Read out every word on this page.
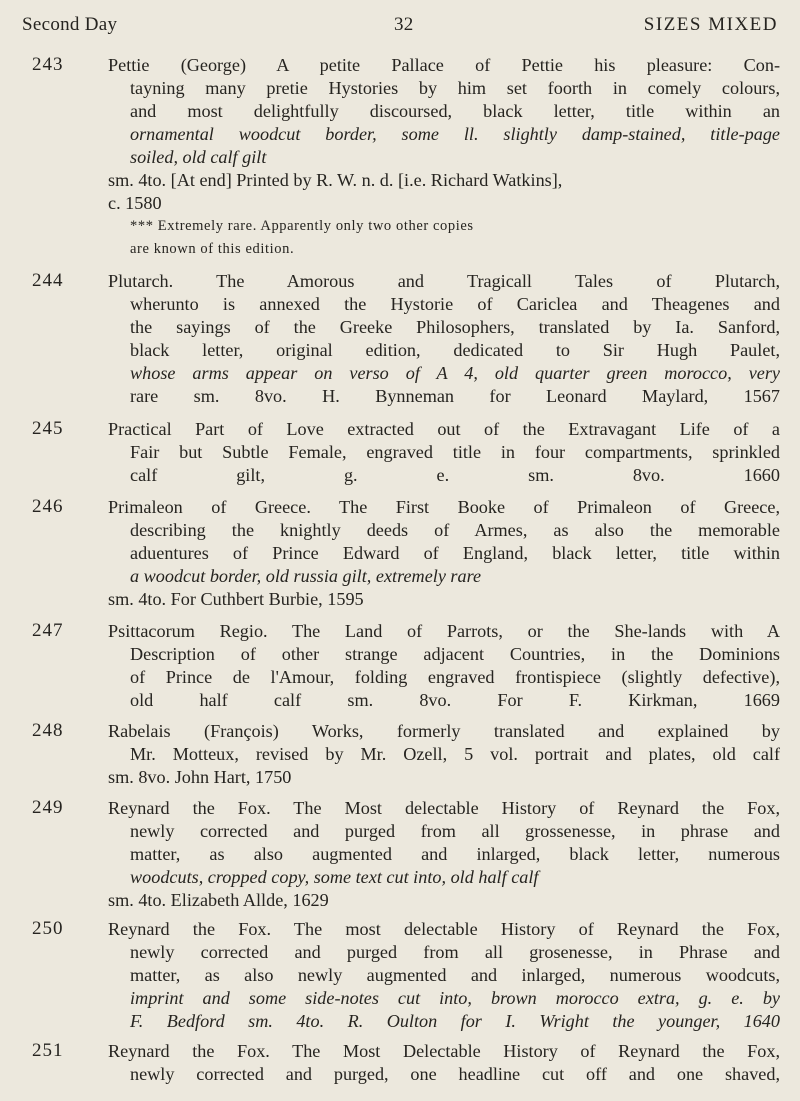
Second Day	32	SIZES MIXED
243 Pettie (George) A petite Pallace of Pettie his pleasure: Con-
tayning many pretie Hystories by him set foorth in comely colours,
and most delightfully discoursed, black letter, title within an
ornamental woodcut border, some ll. slightly damp-stained, title-page
soiled, old calf gilt
sm. 4to. [At end] Printed by R. W. n. d. [i.e. Richard Watkins],
c. 1580
*** Extremely rare. Apparently only two other copies
are known of this edition.
244 Plutarch. The Amorous and Tragicall Tales of Plutarch,
wherunto is annexed the Hystorie of Cariclea and Theagenes and
the sayings of the Greeke Philosophers, translated by Ia. Sanford,
black letter, original edition, dedicated to Sir Hugh Paulet,
whose arms appear on verso of A 4, old quarter green morocco, very
rare sm. 8vo. H. Bynneman for Leonard Maylard, 1567
245 Practical Part of Love extracted out of the Extravagant Life of a
Fair but Subtle Female, engraved title in four compartments, sprinkled
calf gilt, g. e. sm. 8vo. 1660
246 Primaleon of Greece. The First Booke of Primaleon of Greece,
describing the knightly deeds of Armes, as also the memorable
aduentures of Prince Edward of England, black letter, title within
a woodcut border, old russia gilt, extremely rare
sm. 4to. For Cuthbert Burbie, 1595
247 Psittacorum Regio. The Land of Parrots, or the She-lands with A
Description of other strange adjacent Countries, in the Dominions
of Prince de l'Amour, folding engraved frontispiece (slightly defective),
old half calf sm. 8vo. For F. Kirkman, 1669
248 Rabelais (François) Works, formerly translated and explained by
Mr. Motteux, revised by Mr. Ozell, 5 vol. portrait and plates, old calf
sm. 8vo. John Hart, 1750
249 Reynard the Fox. The Most delectable History of Reynard the Fox,
newly corrected and purged from all grossenesse, in phrase and
matter, as also augmented and inlarged, black letter, numerous
woodcuts, cropped copy, some text cut into, old half calf
sm. 4to. Elizabeth Allde, 1629
250 Reynard the Fox. The most delectable History of Reynard the Fox,
newly corrected and purged from all grosenesse, in Phrase and
matter, as also newly augmented and inlarged, numerous woodcuts,
imprint and some side-notes cut into, brown morocco extra, g. e. by
F. Bedford sm. 4to. R. Oulton for I. Wright the younger, 1640
251 Reynard the Fox. The Most Delectable History of Reynard the Fox,
newly corrected and purged, one headline cut off and one shaved,
